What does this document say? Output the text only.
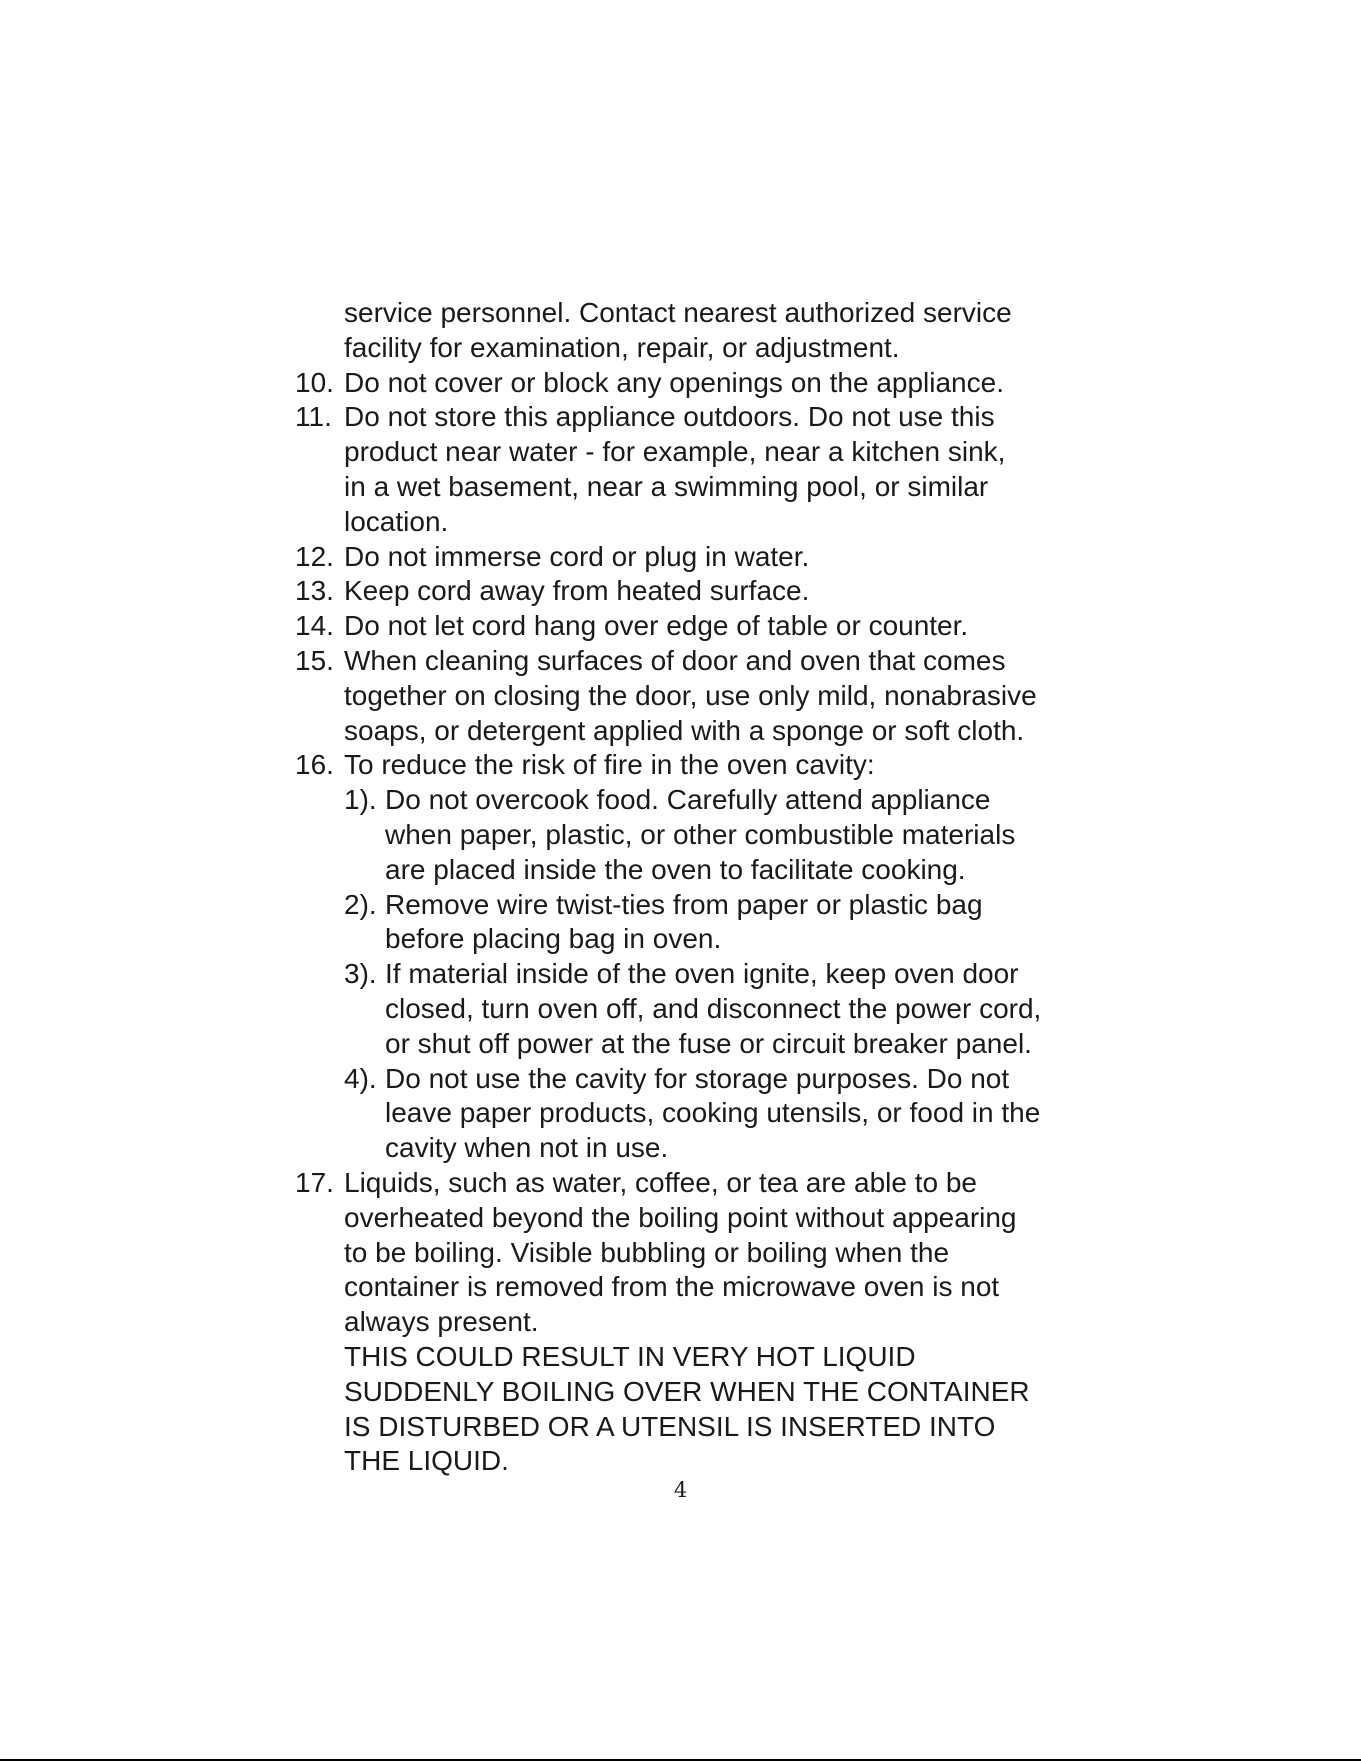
service personnel. Contact nearest authorized service
facility for examination, repair, or adjustment.
10. Do not cover or block any openings on the appliance.
11. Do not store this appliance outdoors. Do not use this
product near water - for example, near a kitchen sink,
in a wet basement, near a swimming pool, or similar
location.
12. Do not immerse cord or plug in water.
13. Keep cord away from heated surface.
14. Do not let cord hang over edge of table or counter.
15. When cleaning surfaces of door and oven that comes
together on closing the door, use only mild, nonabrasive
soaps, or detergent applied with a sponge or soft cloth.
16. To reduce the risk of fire in the oven cavity:
1). Do not overcook food. Carefully attend appliance
when paper, plastic, or other combustible materials
are placed inside the oven to facilitate cooking.
2). Remove wire twist-ties from paper or plastic bag
before placing bag in oven.
3). If material inside of the oven ignite, keep oven door
closed, turn oven off, and disconnect the power cord,
or shut off power at the fuse or circuit breaker panel.
4). Do not use the cavity for storage purposes. Do not
leave paper products, cooking utensils, or food in the
cavity when not in use.
17. Liquids, such as water, coffee, or tea are able to be
overheated beyond the boiling point without appearing
to be boiling. Visible bubbling or boiling when the
container is removed from the microwave oven is not
always present.
THIS COULD RESULT IN VERY HOT LIQUID
SUDDENLY BOILING OVER WHEN THE CONTAINER
IS DISTURBED OR A UTENSIL IS INSERTED INTO
THE LIQUID.
4
